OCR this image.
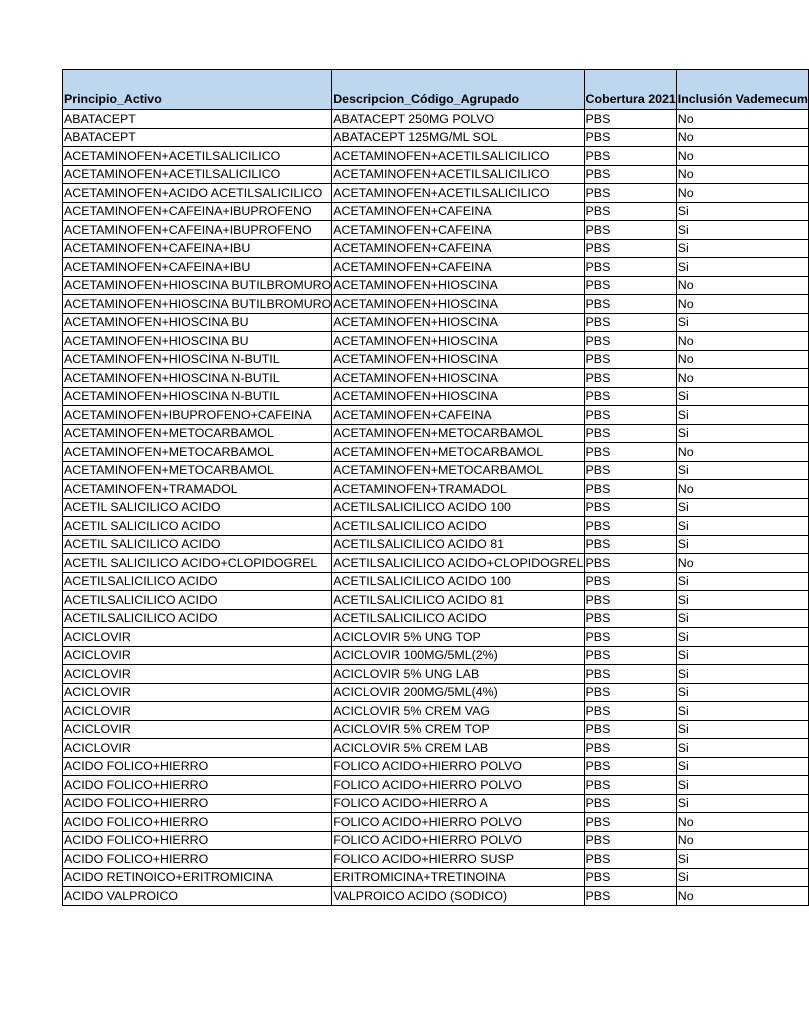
Principio_Activo	Descripcion_Código_Agrupado	Cobertura 2021	Inclusión Vademecum
ABATACEPT	ABATACEPT 250MG POLVO	PBS	No
ABATACEPT	ABATACEPT 125MG/ML SOL	PBS	No
ACETAMINOFEN+ACETILSALICILICO	ACETAMINOFEN+ACETILSALICILICO	PBS	No
ACETAMINOFEN+ACETILSALICILICO	ACETAMINOFEN+ACETILSALICILICO	PBS	No
ACETAMINOFEN+ACIDO ACETILSALICILICO	ACETAMINOFEN+ACETILSALICILICO	PBS	No
ACETAMINOFEN+CAFEINA+IBUPROFENO	ACETAMINOFEN+CAFEINA	PBS	Si
ACETAMINOFEN+CAFEINA+IBUPROFENO	ACETAMINOFEN+CAFEINA	PBS	Si
ACETAMINOFEN+CAFEINA+IBU	ACETAMINOFEN+CAFEINA	PBS	Si
ACETAMINOFEN+CAFEINA+IBU	ACETAMINOFEN+CAFEINA	PBS	Si
ACETAMINOFEN+HIOSCINA BUTILBROMURO	ACETAMINOFEN+HIOSCINA	PBS	No
ACETAMINOFEN+HIOSCINA BUTILBROMURO	ACETAMINOFEN+HIOSCINA	PBS	No
ACETAMINOFEN+HIOSCINA BU	ACETAMINOFEN+HIOSCINA	PBS	Si
ACETAMINOFEN+HIOSCINA BU	ACETAMINOFEN+HIOSCINA	PBS	No
ACETAMINOFEN+HIOSCINA N-BUTIL	ACETAMINOFEN+HIOSCINA	PBS	No
ACETAMINOFEN+HIOSCINA N-BUTIL	ACETAMINOFEN+HIOSCINA	PBS	No
ACETAMINOFEN+HIOSCINA N-BUTIL	ACETAMINOFEN+HIOSCINA	PBS	Si
ACETAMINOFEN+IBUPROFENO+CAFEINA	ACETAMINOFEN+CAFEINA	PBS	Si
ACETAMINOFEN+METOCARBAMOL	ACETAMINOFEN+METOCARBAMOL	PBS	Si
ACETAMINOFEN+METOCARBAMOL	ACETAMINOFEN+METOCARBAMOL	PBS	No
ACETAMINOFEN+METOCARBAMOL	ACETAMINOFEN+METOCARBAMOL	PBS	Si
ACETAMINOFEN+TRAMADOL	ACETAMINOFEN+TRAMADOL	PBS	No
ACETIL SALICILICO ACIDO	ACETILSALICILICO ACIDO 100	PBS	Si
ACETIL SALICILICO ACIDO	ACETILSALICILICO ACIDO	PBS	Si
ACETIL SALICILICO ACIDO	ACETILSALICILICO ACIDO 81	PBS	Si
ACETIL SALICILICO ACIDO+CLOPIDOGREL	ACETILSALICILICO ACIDO+CLOPIDOGREL	PBS	No
ACETILSALICILICO ACIDO	ACETILSALICILICO ACIDO 100	PBS	Si
ACETILSALICILICO ACIDO	ACETILSALICILICO ACIDO 81	PBS	Si
ACETILSALICILICO ACIDO	ACETILSALICILICO ACIDO	PBS	Si
ACICLOVIR	ACICLOVIR 5% UNG TOP	PBS	Si
ACICLOVIR	ACICLOVIR 100MG/5ML(2%)	PBS	Si
ACICLOVIR	ACICLOVIR 5% UNG LAB	PBS	Si
ACICLOVIR	ACICLOVIR 200MG/5ML(4%)	PBS	Si
ACICLOVIR	ACICLOVIR 5% CREM VAG	PBS	Si
ACICLOVIR	ACICLOVIR 5% CREM TOP	PBS	Si
ACICLOVIR	ACICLOVIR 5% CREM LAB	PBS	Si
ACIDO FOLICO+HIERRO	FOLICO ACIDO+HIERRO POLVO	PBS	Si
ACIDO FOLICO+HIERRO	FOLICO ACIDO+HIERRO POLVO	PBS	Si
ACIDO FOLICO+HIERRO	FOLICO ACIDO+HIERRO A	PBS	Si
ACIDO FOLICO+HIERRO	FOLICO ACIDO+HIERRO POLVO	PBS	No
ACIDO FOLICO+HIERRO	FOLICO ACIDO+HIERRO POLVO	PBS	No
ACIDO FOLICO+HIERRO	FOLICO ACIDO+HIERRO SUSP	PBS	Si
ACIDO RETINOICO+ERITROMICINA	ERITROMICINA+TRETINOINA	PBS	Si
ACIDO VALPROICO	VALPROICO ACIDO (SODICO)	PBS	No
